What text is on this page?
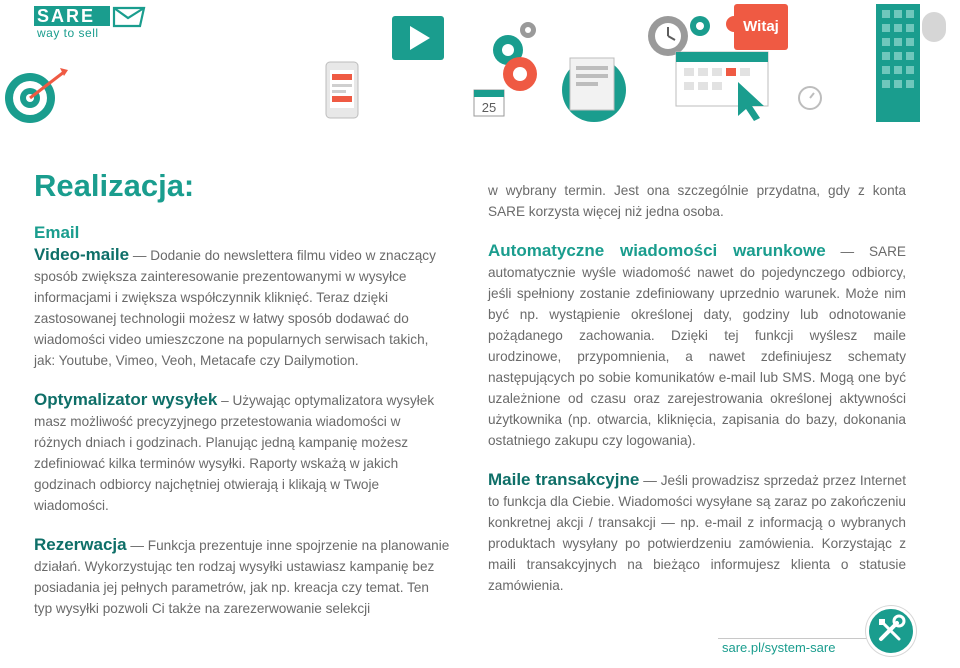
SARE
way to sell
25
Witaj
Realizacja:
Email

Video-maile — Dodanie do newslettera filmu video w znaczący sposób zwiększa zainteresowanie prezentowanymi w wysyłce informacjami i zwiększa współczynnik kliknięć. Teraz dzięki zastosowanej technologii możesz w łatwy sposób dodawać do wiadomości video umieszczone na popularnych serwisach takich, jak: Youtube, Vimeo, Veoh, Metacafe czy Dailymotion.

Optymalizator wysyłek – Używając optymalizatora wysyłek masz możliwość precyzyjnego przetestowania wiadomości w różnych dniach i godzinach. Planując jedną kampanię możesz zdefiniować kilka terminów wysyłki. Raporty wskażą w jakich godzinach odbiorcy najchętniej otwierają i klikają w Twoje wiadomości.

Rezerwacja — Funkcja prezentuje inne spojrzenie na planowanie działań. Wykorzystując ten rodzaj wysyłki ustawiasz kampanię bez posiadania jej pełnych parametrów, jak np. kreacja czy temat. Ten typ wysyłki pozwoli Ci także na zarezerwowanie selekcji

w wybrany termin. Jest ona szczególnie przydatna, gdy z konta SARE korzysta więcej niż jedna osoba.

Automatyczne wiadomości warunkowe — SARE automatycznie wyśle wiadomość nawet do pojedynczego odbiorcy, jeśli spełniony zostanie zdefiniowany uprzednio warunek. Może nim być np. wystąpienie określonej daty, godziny lub odnotowanie pożądanego zachowania. Dzięki tej funkcji wyślesz maile urodzinowe, przypomnienia, a nawet zdefiniujesz schematy następujących po sobie komunikatów e-mail lub SMS. Mogą one być uzależnione od czasu oraz zarejestrowania określonej aktywności użytkownika (np. otwarcia, kliknięcia, zapisania do bazy, dokonania ostatniego zakupu czy logowania).

Maile transakcyjne — Jeśli prowadzisz sprzedaż przez Internet to funkcja dla Ciebie. Wiadomości wysyłane są zaraz po zakończeniu konkretnej akcji / transakcji — np. e-mail z informacją o wybranych produktach wysyłany po potwierdzeniu zamówienia. Korzystając z maili transakcyjnych na bieżąco informujesz klienta o statusie zamówienia.

sare.pl/system-sare
